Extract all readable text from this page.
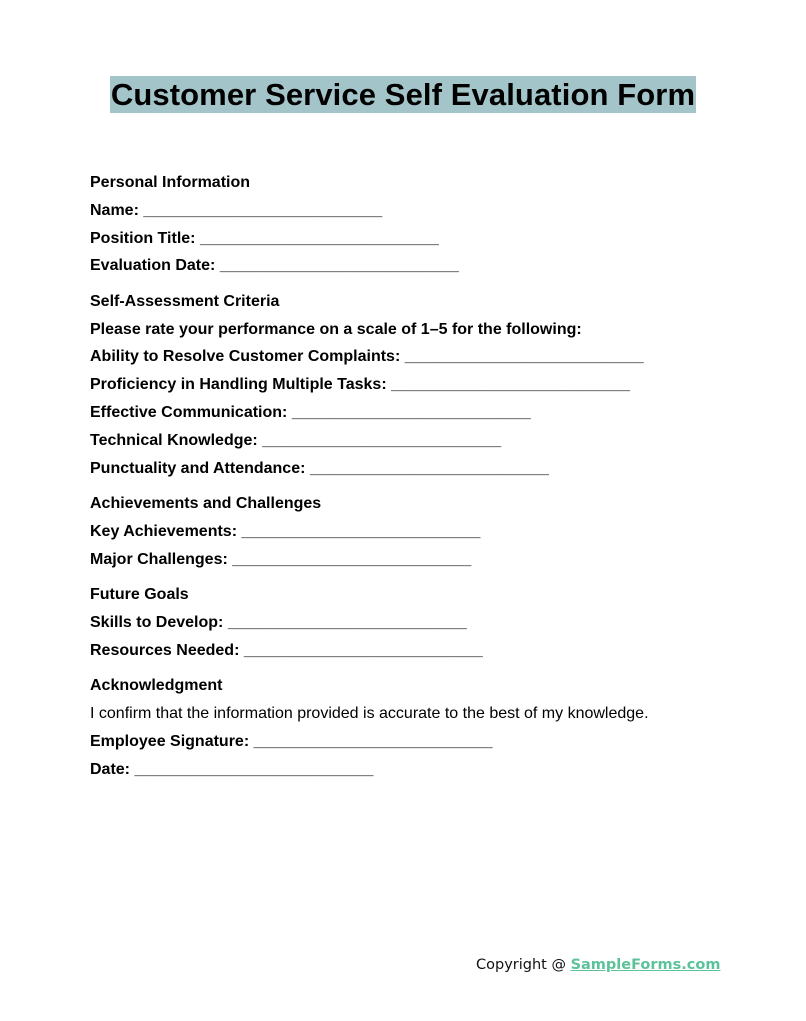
Customer Service Self Evaluation Form
Personal Information
Name: ___________________________
Position Title: ___________________________
Evaluation Date: ___________________________
Self-Assessment Criteria
Please rate your performance on a scale of 1–5 for the following:
Ability to Resolve Customer Complaints: ___________________________
Proficiency in Handling Multiple Tasks: ___________________________
Effective Communication: ___________________________
Technical Knowledge: ___________________________
Punctuality and Attendance: ___________________________
Achievements and Challenges
Key Achievements: ___________________________
Major Challenges: ___________________________
Future Goals
Skills to Develop: ___________________________
Resources Needed: ___________________________
Acknowledgment
I confirm that the information provided is accurate to the best of my knowledge.
Employee Signature: ___________________________
Date: ___________________________
Copyright @ SampleForms.com
